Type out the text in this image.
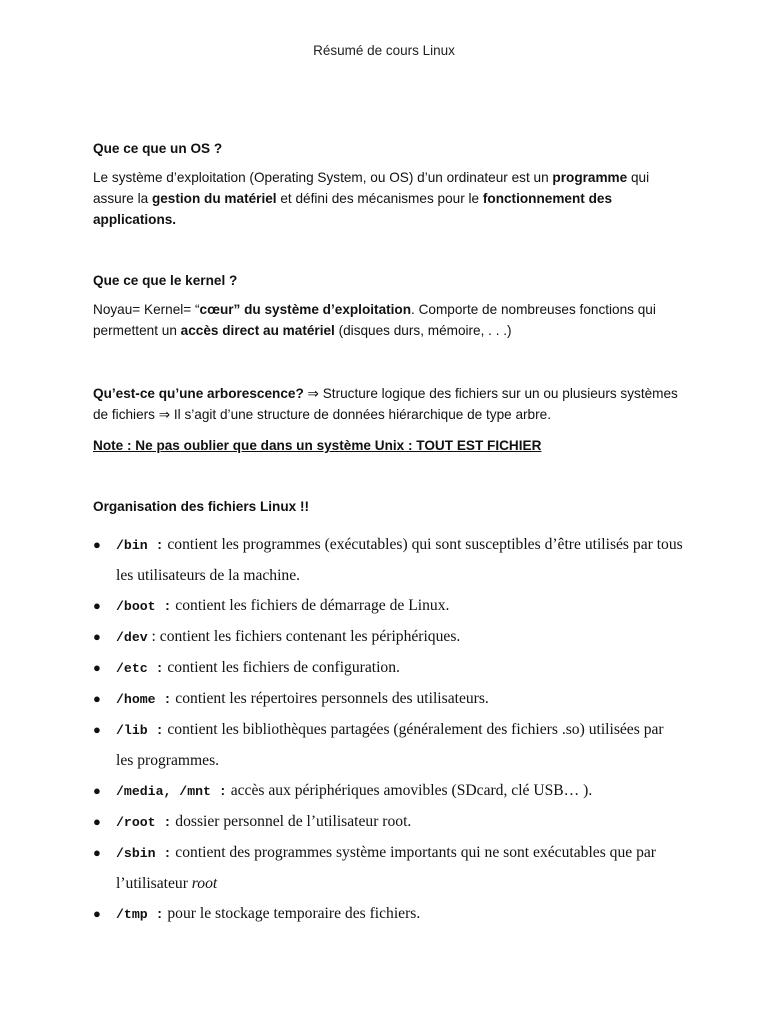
Résumé de cours Linux

Que ce que un OS ?

Le système d’exploitation (Operating System, ou OS) d’un ordinateur est un programme qui assure la gestion du matériel et défini des mécanismes pour le fonctionnement des applications.

Que ce que le kernel ?

Noyau= Kernel= “cœur” du système d’exploitation. Comporte de nombreuses fonctions qui permettent un accès direct au matériel (disques durs, mémoire, . . .)

Qu’est-ce qu’une arborescence? ⇒ Structure logique des fichiers sur un ou plusieurs systèmes de fichiers ⇒ Il s’agit d’une structure de données hiérarchique de type arbre.

Note : Ne pas oublier que dans un système Unix : TOUT EST FICHIER
Organisation des fichiers Linux !!
● /bin : contient les programmes (exécutables) qui sont susceptibles d’être utilisés par tous les utilisateurs de la machine.
● /boot : contient les fichiers de démarrage de Linux.
● /dev : contient les fichiers contenant les périphériques.
● /etc : contient les fichiers de configuration.
● /home : contient les répertoires personnels des utilisateurs.
● /lib : contient les bibliothèques partagées (généralement des fichiers .so) utilisées par les programmes.
● /media, /mnt : accès aux périphériques amovibles (SDcard, clé USB… ).
● /root : dossier personnel de l’utilisateur root.
● /sbin : contient des programmes système importants qui ne sont exécutables que par l’utilisateur root
● /tmp : pour le stockage temporaire des fichiers.
